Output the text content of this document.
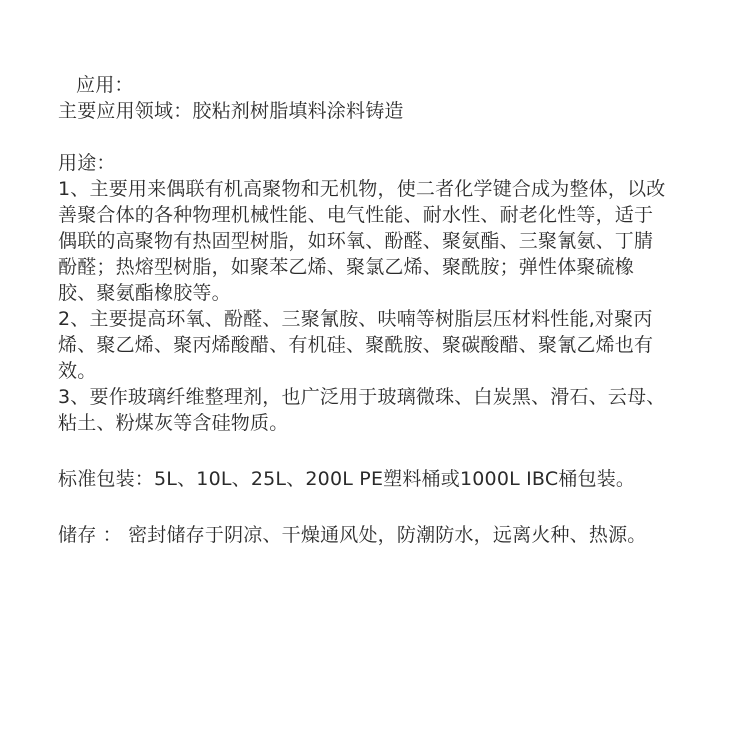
应用：
主要应用领域：胶粘剂树脂填料涂料铸造
用途：
1、主要用来偶联有机高聚物和无机物，使二者化学键合成为整体，以改
善聚合体的各种物理机械性能、电气性能、耐水性、耐老化性等，适于
偶联的高聚物有热固型树脂，如环氧、酚醛、聚氨酯、三聚氰氨、丁腈
酚醛；热熔型树脂，如聚苯乙烯、聚氯乙烯、聚酰胺；弹性体聚硫橡
胶、聚氨酯橡胶等。
2、主要提高环氧、酚醛、三聚氰胺、呋喃等树脂层压材料性能,对聚丙
烯、聚乙烯、聚丙烯酸醋、有机硅、聚酰胺、聚碳酸醋、聚氰乙烯也有
效。
3、要作玻璃纤维整理剂，也广泛用于玻璃微珠、白炭黑、滑石、云母、
粘土、粉煤灰等含硅物质。
标准包装：5L、10L、25L、200L PE塑料桶或1000L IBC桶包装。
储存 ： 密封储存于阴凉、干燥通风处，防潮防水，远离火种、热源。
